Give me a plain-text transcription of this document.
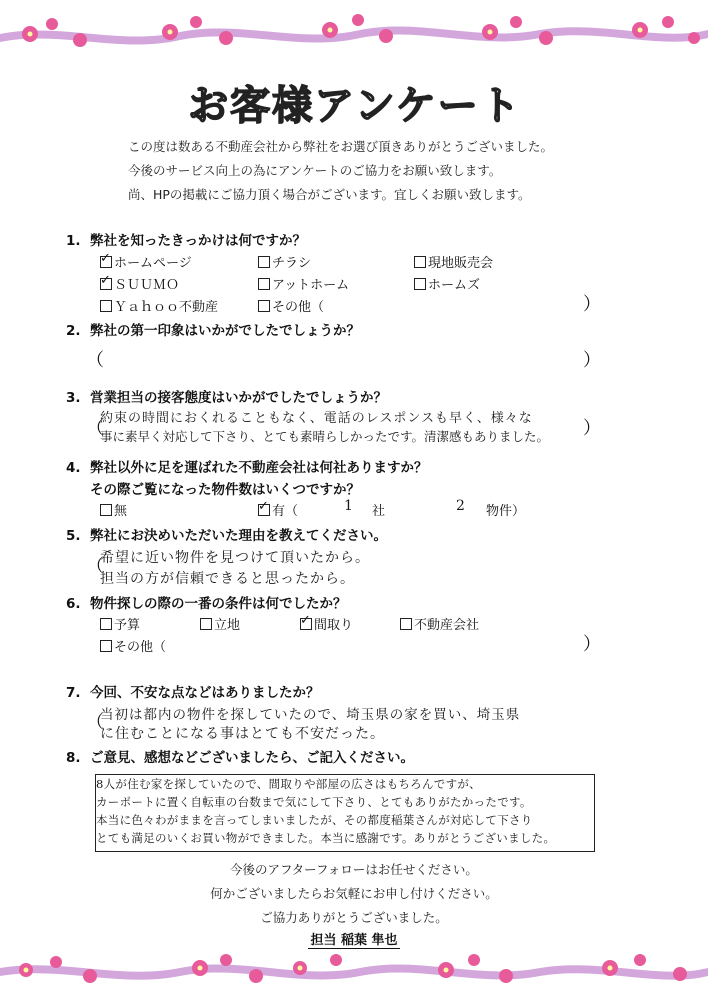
お客様アンケート
この度は数ある不動産会社から弊社をお選び頂きありがとうございました。
今後のサービス向上の為にアンケートのご協力をお願い致します。
尚、HPの掲載にご協力頂く場合がございます。宜しくお願い致します。
1. 弊社を知ったきっかけは何ですか？
✓ホームページ	チラシ	現地販売会
✓ＳＵＵＭＯ	アットホーム	ホームズ
Ｙａｈｏｏ不動産	その他（	）
2. 弊社の第一印象はいかがでしたでしょうか？
（	）
3. 営業担当の接客態度はいかがでしたでしょうか？
（
約束の時間におくれることもなく、電話のレスポンスも早く、様々な
事に素早く対応して下さり、とても素晴らしかったです。清潔感もありました。 ）
4. 弊社以外に足を運ばれた不動産会社は何社ありますか？
その際ご覧になった物件数はいくつですか？
無 ✓	有（	1 社	2 物件）
5. 弊社にお決めいただいた理由を教えてください。
（
希望に近い物件を見つけて頂いたから。
担当の方が信頼できると思ったから。
6. 物件探しの際の一番の条件は何でしたか？
予算	立地 ✓	間取り	不動産会社
その他（	）
7. 今回、不安な点などはありましたか？
（
当初は都内の物件を探していたので、埼玉県の家を買い、埼玉県
に住むことになる事はとても不安だった。
8. ご意見、感想などございましたら、ご記入ください。
8人が住む家を探していたので、間取りや部屋の広さはもちろんですが、
カーポートに置く自転車の台数まで気にして下さり、とてもありがたかったです。
本当に色々わがままを言ってしまいましたが、その都度稲葉さんが対応して下さり
とても満足のいくお買い物ができました。本当に感謝です。ありがとうございました。
今後のアフターフォローはお任せください。
何かございましたらお気軽にお申し付けください。
ご協力ありがとうございました。
担当 稲葉 隼也
